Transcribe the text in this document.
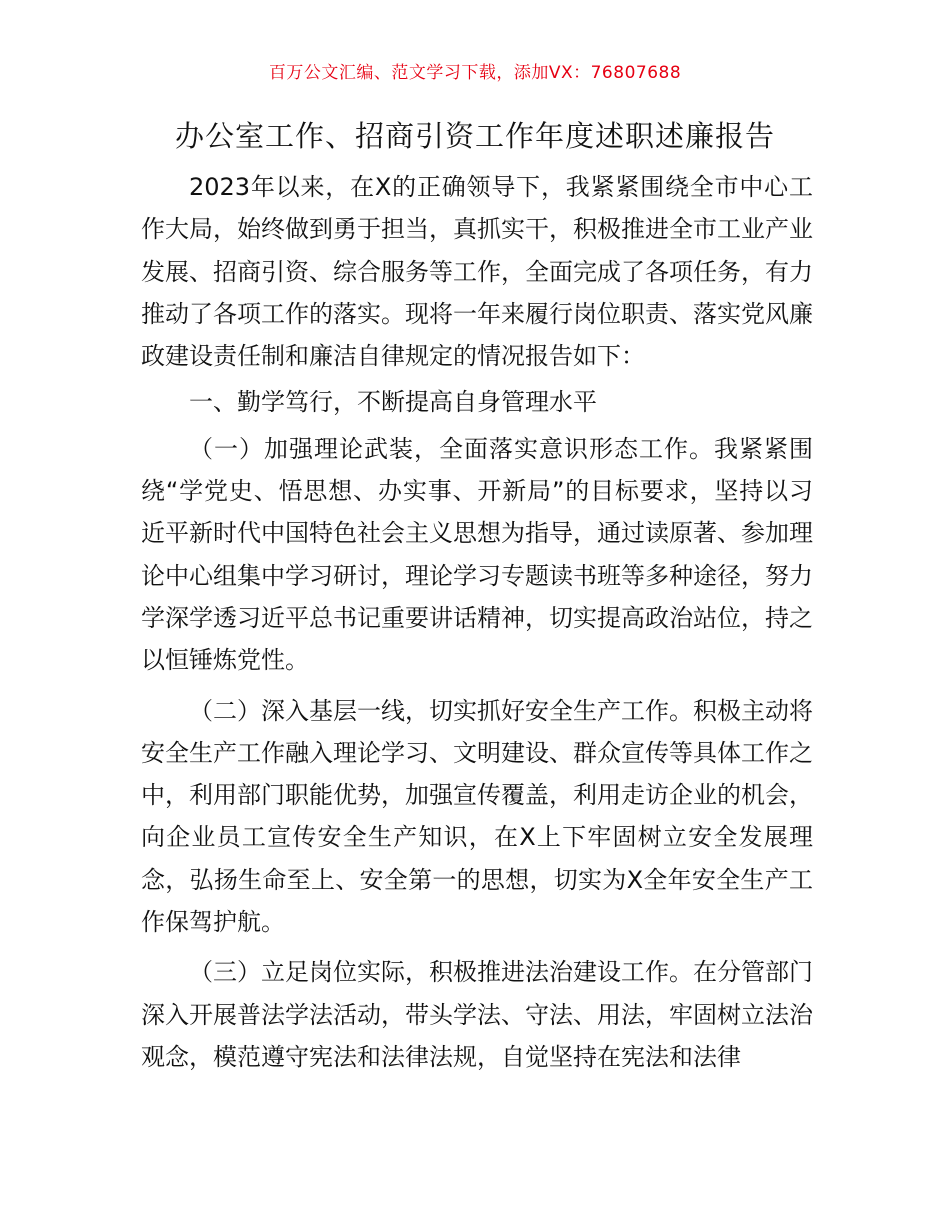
百万公文汇编、范文学习下载，添加VX：76807688
办公室工作、招商引资工作年度述职述廉报告

2023年以来，在X的正确领导下，我紧紧围绕全市中心工作大局，始终做到勇于担当，真抓实干，积极推进全市工业产业发展、招商引资、综合服务等工作，全面完成了各项任务，有力推动了各项工作的落实。现将一年来履行岗位职责、落实党风廉政建设责任制和廉洁自律规定的情况报告如下：

一、勤学笃行，不断提高自身管理水平

（一）加强理论武装，全面落实意识形态工作。我紧紧围绕“学党史、悟思想、办实事、开新局”的目标要求，坚持以习近平新时代中国特色社会主义思想为指导，通过读原著、参加理论中心组集中学习研讨，理论学习专题读书班等多种途径，努力学深学透习近平总书记重要讲话精神，切实提高政治站位，持之以恒锤炼党性。

（二）深入基层一线，切实抓好安全生产工作。积极主动将安全生产工作融入理论学习、文明建设、群众宣传等具体工作之中，利用部门职能优势，加强宣传覆盖，利用走访企业的机会，向企业员工宣传安全生产知识，在X上下牢固树立安全发展理念，弘扬生命至上、安全第一的思想，切实为X全年安全生产工作保驾护航。

（三）立足岗位实际，积极推进法治建设工作。在分管部门深入开展普法学法活动，带头学法、守法、用法，牢固树立法治观念，模范遵守宪法和法律法规，自觉坚持在宪法和法律
